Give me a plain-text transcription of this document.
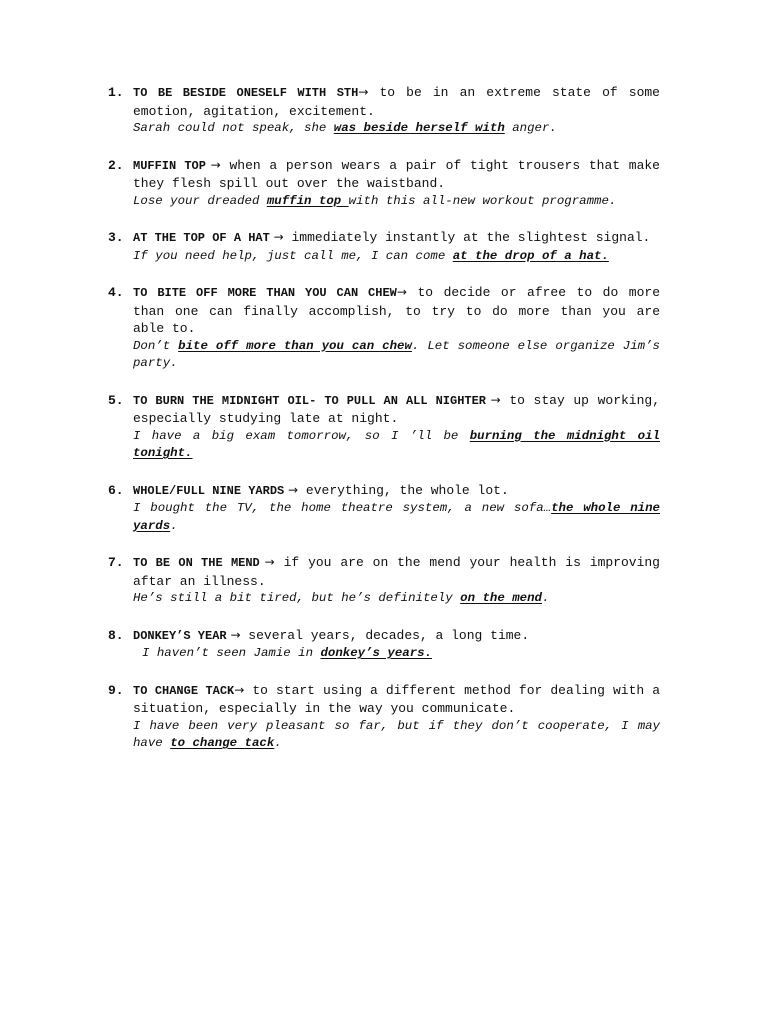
1. TO BE BESIDE ONESELF WITH STH→ to be in an extreme state of some emotion, agitation, excitement.
Sarah could not speak, she was beside herself with anger.
2. MUFFIN TOP → when a person wears a pair of tight trousers that make they flesh spill out over the waistband.
Lose your dreaded muffin top with this all-new workout programme.
3. AT THE TOP OF A HAT → immediately instantly at the slightest signal.
If you need help, just call me, I can come at the drop of a hat.
4. TO BITE OFF MORE THAN YOU CAN CHEW→ to decide or afree to do more than one can finally accomplish, to try to do more than you are able to.
Don’t bite off more than you can chew. Let someone else organize Jim’s party.
5. TO BURN THE MIDNIGHT OIL- TO PULL AN ALL NIGHTER → to stay up working, especially studying late at night.
I have a big exam tomorrow, so I ’ll be burning the midnight oil tonight.
6. WHOLE/FULL NINE YARDS → everything, the whole lot.
I bought the TV, the home theatre system, a new sofa…the whole nine yards.
7. TO BE ON THE MEND → if you are on the mend your health is improving aftar an illness.
He’s still a bit tired, but he’s definitely on the mend.
8. DONKEY’S YEAR → several years, decades, a long time.
I haven’t seen Jamie in donkey’s years.
9. TO CHANGE TACK→ to start using a different method for dealing with a situation, especially in the way you communicate.
I have been very pleasant so far, but if they don’t cooperate, I may have to change tack.
